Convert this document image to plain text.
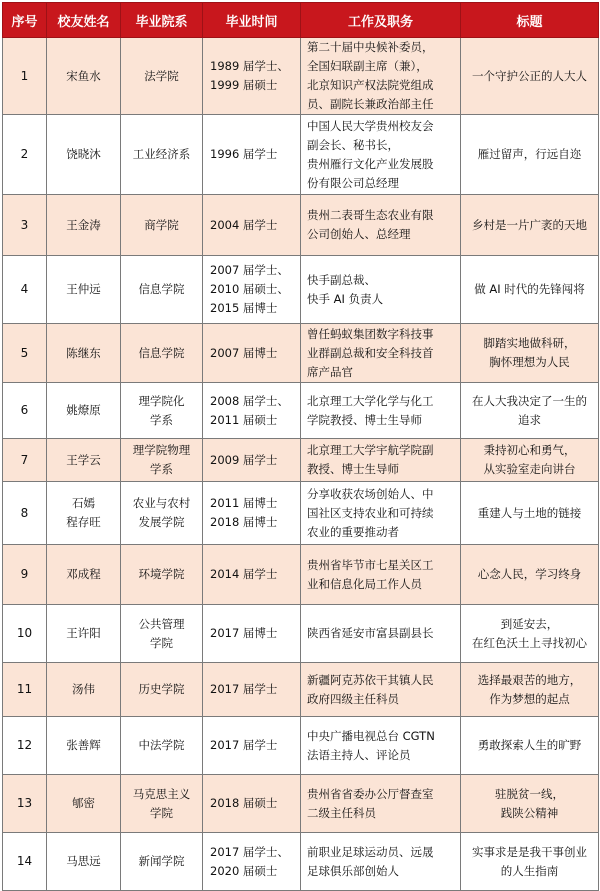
序号	校友姓名	毕业院系	毕业时间	工作及职务	标题
1	宋鱼水	法学院	1989 届学士、
1999 届硕士	第二十届中央候补委员，
全国妇联副主席（兼），
北京知识产权法院党组成
员、副院长兼政治部主任	一个守护公正的人大人

2	饶晓沐	工业经济系	1996 届学士	中国人民大学贵州校友会
副会长、秘书长，
贵州雁行文化产业发展股
份有限公司总经理	雁过留声，行远自迩

3	王金涛	商学院	2004 届学士	贵州二表哥生态农业有限
公司创始人、总经理	乡村是一片广袤的天地

4	王仲远	信息学院	2007 届学士、
2010 届硕士、
2015 届博士	快手副总裁、
快手 AI 负责人	做 AI 时代的先锋闯将

5	陈继东	信息学院	2007 届博士	曾任蚂蚁集团数字科技事
业群副总裁和安全科技首
席产品官	脚踏实地做科研，
胸怀理想为人民

6	姚燎原	理学院化
学系	2008 届学士、
2011 届硕士	北京理工大学化学与化工
学院教授、博士生导师	在人大我决定了一生的
追求

7	王学云	理学院物理
学系	2009 届学士	北京理工大学宇航学院副
教授、博士生导师	秉持初心和勇气，
从实验室走向讲台

8	石嫣
程存旺	农业与农村
发展学院	2011 届博士
2018 届博士	分享收获农场创始人、中
国社区支持农业和可持续
农业的重要推动者	重建人与土地的链接

9	邓成程	环境学院	2014 届学士	贵州省毕节市七星关区工
业和信息化局工作人员	心念人民，学习终身

10	王许阳	公共管理
学院	2017 届博士	陕西省延安市富县副县长	到延安去，
在红色沃土上寻找初心

11	汤伟	历史学院	2017 届学士	新疆阿克苏依干其镇人民
政府四级主任科员	选择最艰苦的地方，
作为梦想的起点

12	张善辉	中法学院	2017 届学士	中央广播电视总台 CGTN
法语主持人、评论员	勇敢探索人生的旷野

13	郇密	马克思主义
学院	2018 届硕士	贵州省省委办公厅督查室
二级主任科员	驻脱贫一线，
践陕公精神

14	马思远	新闻学院	2017 届学士、
2020 届硕士	前职业足球运动员、远晟
足球俱乐部创始人	实事求是是我干事创业
的人生指南
